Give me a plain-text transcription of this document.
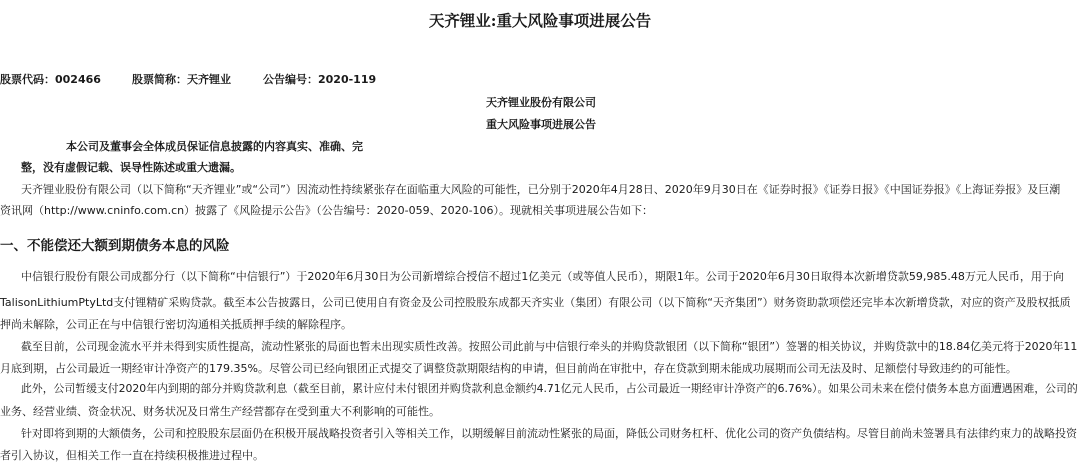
天齐锂业:重大风险事项进展公告
股票代码：002466	股票简称：天齐锂业	公告编号：2020-119
天齐锂业股份有限公司
重大风险事项进展公告
本公司及董事会全体成员保证信息披露的内容真实、准确、完
整，没有虚假记载、误导性陈述或重大遗漏。
天齐锂业股份有限公司（以下简称“天齐锂业”或“公司”）因流动性持续紧张存在面临重大风险的可能性，已分别于2020年4月28日、2020年9月30日在《证券时报》《证券日报》《中国证券报》《上海证券报》及巨潮
资讯网（http://www.cninfo.com.cn）披露了《风险提示公告》（公告编号：2020-059、2020-106）。现就相关事项进展公告如下：
一、不能偿还大额到期债务本息的风险
中信银行股份有限公司成都分行（以下简称“中信银行”）于2020年6月30日为公司新增综合授信不超过1亿美元（或等值人民币），期限1年。公司于2020年6月30日取得本次新增贷款59,985.48万元人民币，用于向
TalisonLithiumPtyLtd支付锂精矿采购贷款。截至本公告披露日，公司已使用自有资金及公司控股股东成都天齐实业（集团）有限公司（以下简称“天齐集团”）财务资助款项偿还完毕本次新增贷款，对应的资产及股权抵质
押尚未解除，公司正在与中信银行密切沟通相关抵质押手续的解除程序。
截至目前，公司现金流水平并未得到实质性提高，流动性紧张的局面也暂未出现实质性改善。按照公司此前与中信银行牵头的并购贷款银团（以下简称“银团”）签署的相关协议，并购贷款中的18.84亿美元将于2020年11
月底到期，占公司最近一期经审计净资产的179.35%。尽管公司已经向银团正式提交了调整贷款期限结构的申请，但目前尚在审批中，存在贷款到期未能成功展期而公司无法及时、足额偿付导致违约的可能性。
此外，公司暂缓支付2020年内到期的部分并购贷款利息（截至目前，累计应付未付银团并购贷款利息金额约4.71亿元人民币，占公司最近一期经审计净资产的6.76%）。如果公司未来在偿付债务本息方面遭遇困难，公司的
业务、经营业绩、资金状况、财务状况及日常生产经营都存在受到重大不利影响的可能性。
针对即将到期的大额债务，公司和控股股东层面仍在积极开展战略投资者引入等相关工作，以期缓解目前流动性紧张的局面，降低公司财务杠杆、优化公司的资产负债结构。尽管目前尚未签署具有法律约束力的战略投资
者引入协议，但相关工作一直在持续积极推进过程中。
